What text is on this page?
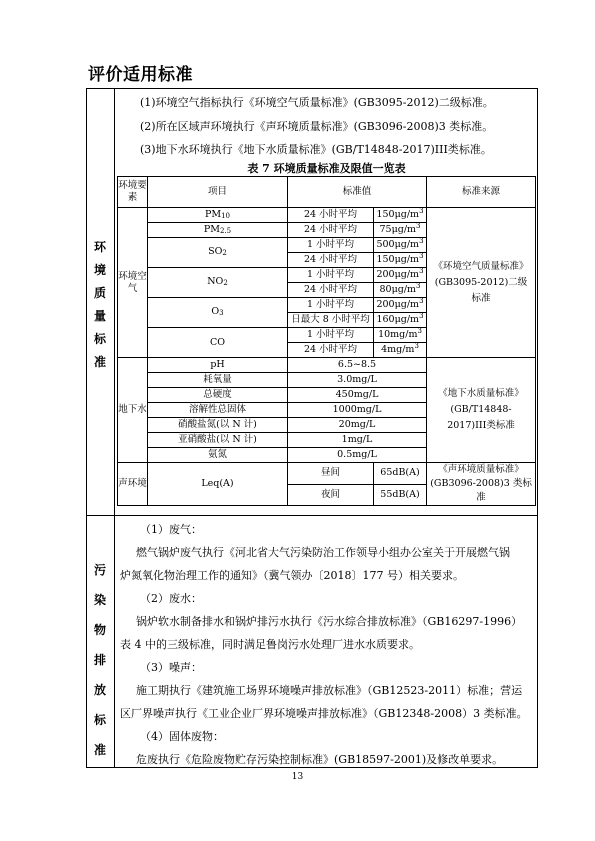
评价适用标准
环
境
质
量
标
准
污
染
物
排
放
标
准
(1)环境空气指标执行《环境空气质量标准》(GB3095-2012)二级标准。
(2)所在区域声环境执行《声环境质量标准》(GB3096-2008)3 类标准。
(3)地下水环境执行《地下水质量标准》(GB/T14848-2017)III类标准。
表 7 环境质量标准及限值一览表
环境要素	项目	标准值		标准来源
环境空气	$PM_{10}$	24 小时平均	$150\mu g/m^3$	《环境空气质量标准》(GB3095-2012)二级标准
	$PM_{2.5}$	24 小时平均	$75\mu g/m^3$
	$SO_2$	1 小时平均	$500\mu g/m^3$
		24 小时平均	$150\mu g/m^3$
	$NO_2$	1 小时平均	$200\mu g/m^3$
		24 小时平均	$80\mu g/m^3$
	$O_3$	1 小时平均	$200\mu g/m^3$
		日最大 8 小时平均	$160\mu g/m^3$
	CO	1 小时平均	$10mg/m^3$
		24 小时平均	$4mg/m^3$
地下水	pH	6.5~8.5		《地下水质量标准》(GB/T14848-2017)III类标准
	耗氧量	3.0mg/L		
	总硬度	450mg/L		
	溶解性总固体	1000mg/L		
	硝酸盐氮(以 N 计)	20mg/L		
	亚硝酸盐(以 N 计)	1mg/L		
	氨氮	0.5mg/L		
声环境	Leq(A)	昼间	65dB(A)	《声环境质量标准》(GB3096-2008)3 类标准
		夜间	55dB(A)	
（1）废气：
燃气锅炉废气执行《河北省大气污染防治工作领导小组办公室关于开展燃气锅
炉氮氧化物治理工作的通知》（冀气领办〔2018〕177 号）相关要求。
（2）废水：
锅炉软水制备排水和锅炉排污水执行《污水综合排放标准》（GB16297-1996）
表 4 中的三级标准，同时满足鲁岗污水处理厂进水水质要求。
（3）噪声：
施工期执行《建筑施工场界环境噪声排放标准》（GB12523-2011）标准；营运
区厂界噪声执行《工业企业厂界环境噪声排放标准》（GB12348-2008）3 类标准。
（4）固体废物：
危废执行《危险废物贮存污染控制标准》(GB18597-2001)及修改单要求。
13
